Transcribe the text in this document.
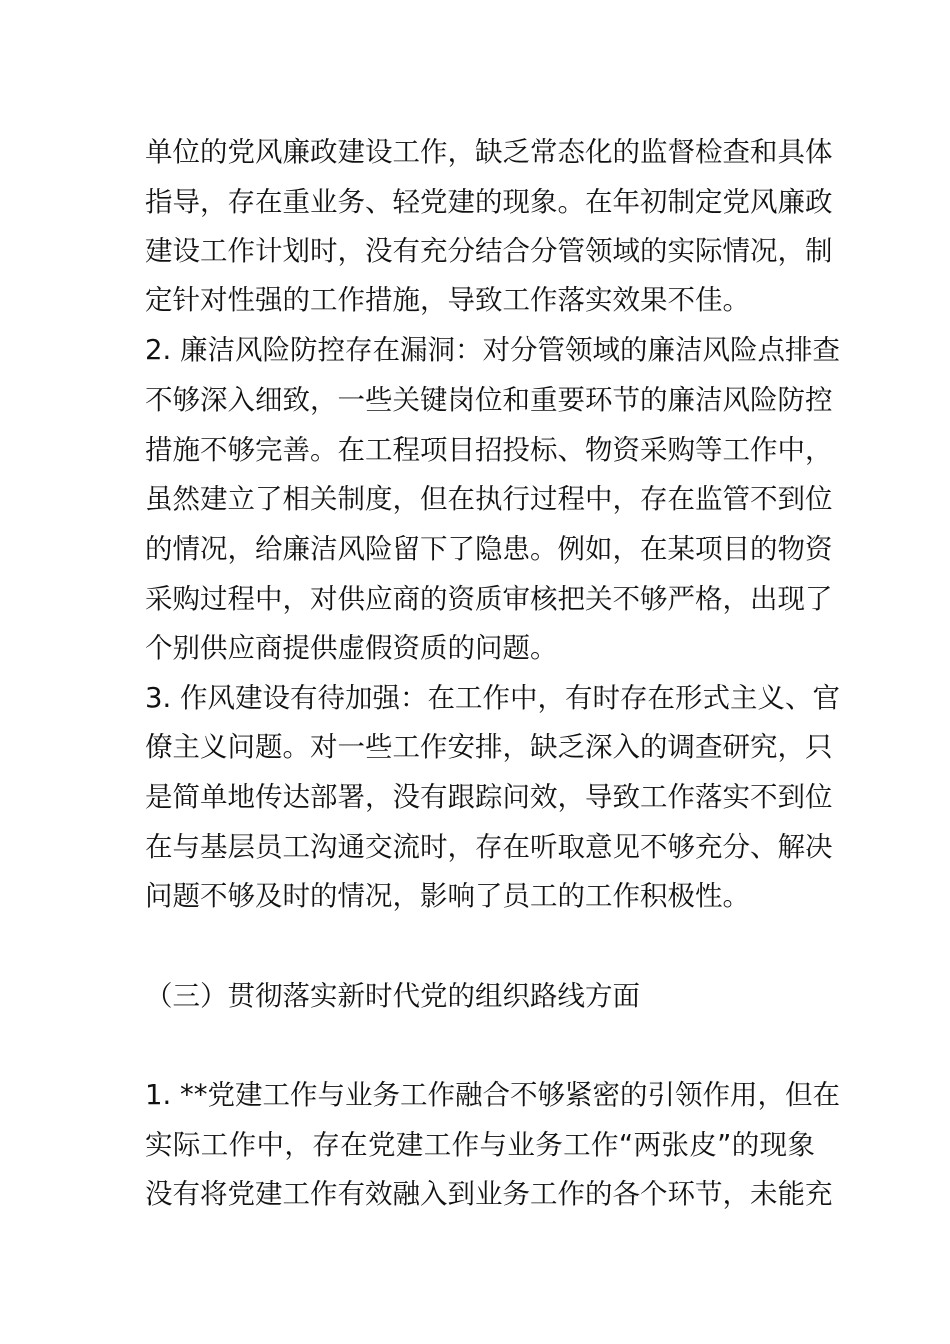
单位的党风廉政建设工作，缺乏常态化的监督检查和具体
指导，存在重业务、轻党建的现象。在年初制定党风廉政
建设工作计划时，没有充分结合分管领域的实际情况，制
定针对性强的工作措施，导致工作落实效果不佳。
2. 廉洁风险防控存在漏洞：对分管领域的廉洁风险点排查
不够深入细致，一些关键岗位和重要环节的廉洁风险防控
措施不够完善。在工程项目招投标、物资采购等工作中，
虽然建立了相关制度，但在执行过程中，存在监管不到位
的情况，给廉洁风险留下了隐患。例如，在某项目的物资
采购过程中，对供应商的资质审核把关不够严格，出现了
个别供应商提供虚假资质的问题。
3. 作风建设有待加强：在工作中，有时存在形式主义、官
僚主义问题。对一些工作安排，缺乏深入的调查研究，只
是简单地传达部署，没有跟踪问效，导致工作落实不到位
在与基层员工沟通交流时，存在听取意见不够充分、解决
问题不够及时的情况，影响了员工的工作积极性。
（三）贯彻落实新时代党的组织路线方面
1. **党建工作与业务工作融合不够紧密的引领作用，但在
实际工作中，存在党建工作与业务工作“两张皮”的现象
没有将党建工作有效融入到业务工作的各个环节，未能充
